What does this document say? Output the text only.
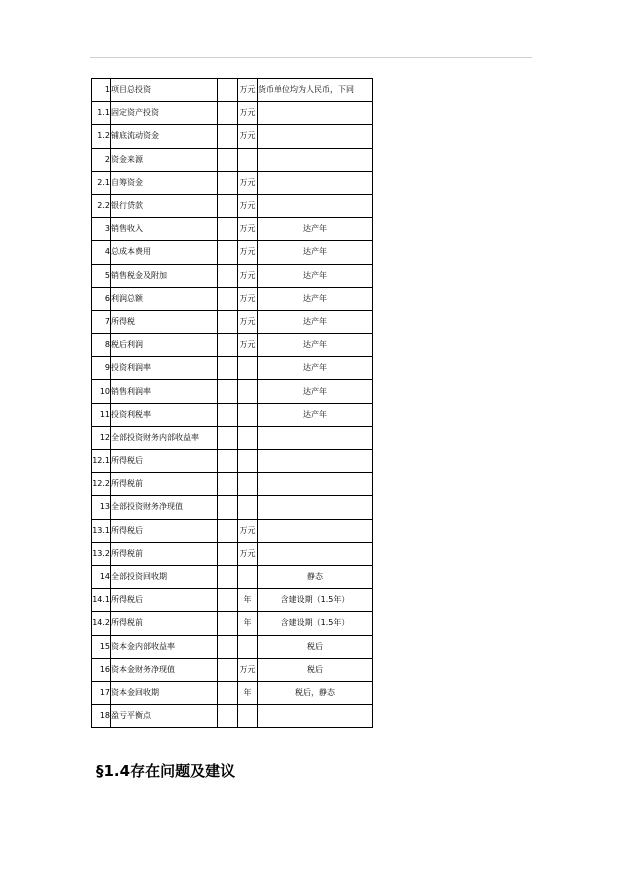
1	项目总投资		万元	货币单位均为人民币，下同
1.1	固定资产投资		万元	
1.2	铺底流动资金		万元	
2	资金来源			
2.1	自筹资金		万元	
2.2	银行贷款		万元	
3	销售收入		万元	达产年
4	总成本费用		万元	达产年
5	销售税金及附加		万元	达产年
6	利润总额		万元	达产年
7	所得税		万元	达产年
8	税后利润		万元	达产年
9	投资利润率			达产年
10	销售利润率			达产年
11	投资利税率			达产年
12	全部投资财务内部收益率			
12.1	所得税后			
12.2	所得税前			
13	全部投资财务净现值			
13.1	所得税后		万元	
13.2	所得税前		万元	
14	全部投资回收期			静态
14.1	所得税后		年	含建设期（1.5年）
14.2	所得税前		年	含建设期（1.5年）
15	资本金内部收益率			税后
16	资本金财务净现值		万元	税后
17	资本金回收期		年	税后，静态
18	盈亏平衡点			
§1.4存在问题及建议
